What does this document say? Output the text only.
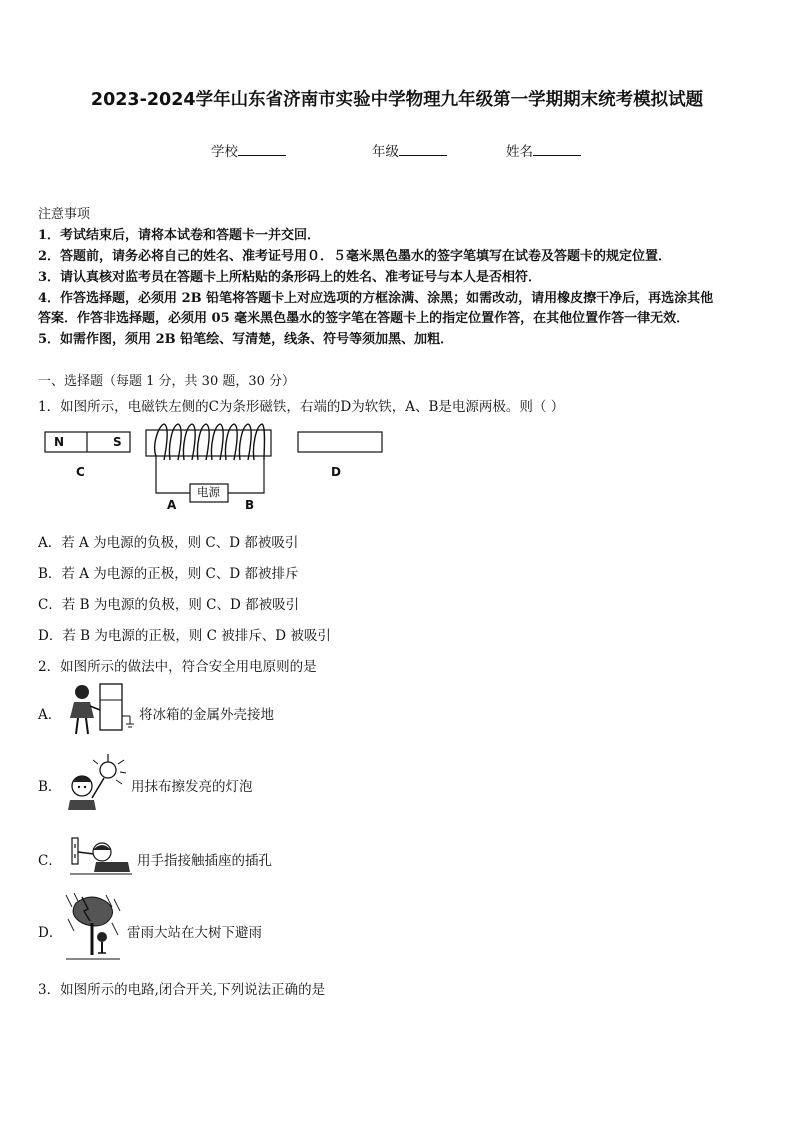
2023-2024学年山东省济南市实验中学物理九年级第一学期期末统考模拟试题
学校	年级	姓名
注意事项
1．考试结束后，请将本试卷和答题卡一并交回．
2．答题前，请务必将自己的姓名、准考证号用０．５毫米黑色墨水的签字笔填写在试卷及答题卡的规定位置．
3．请认真核对监考员在答题卡上所粘贴的条形码上的姓名、准考证号与本人是否相符．
4．作答选择题，必须用 2B 铅笔将答题卡上对应选项的方框涂满、涂黑；如需改动，请用橡皮擦干净后，再选涂其他
答案．作答非选择题，必须用 05 毫米黑色墨水的签字笔在答题卡上的指定位置作答，在其他位置作答一律无效．
5．如需作图，须用 2B 铅笔绘、写清楚，线条、符号等须加黑、加粗．
一、选择题（每题 1 分，共 30 题，30 分）
1．如图所示，电磁铁左侧的C为条形磁铁，右端的D为软铁，A、B是电源两极。则（ ）
N	S
C	D
电源
A	B
A．若 A 为电源的负极，则 C、D 都被吸引
B．若 A 为电源的正极，则 C、D 都被排斥
C．若 B 为电源的负极，则 C、D 都被吸引
D．若 B 为电源的正极，则 C 被排斥、D 被吸引
2．如图所示的做法中，符合安全用电原则的是
A．	将冰箱的金属外壳接地
B．	用抹布擦发亮的灯泡
C．	用手指接触插座的插孔
D．	雷雨大站在大树下避雨
3．如图所示的电路,闭合开关,下列说法正确的是
